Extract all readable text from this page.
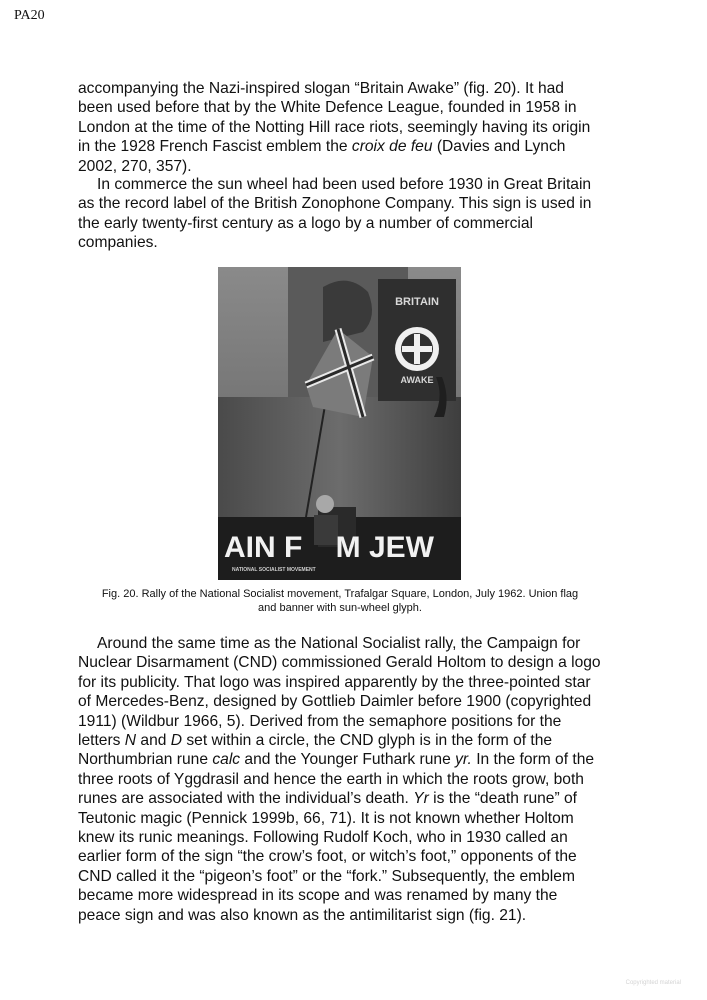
PA20

accompanying the Nazi-inspired slogan “Britain Awake” (fig. 20). It had
been used before that by the White Defence League, founded in 1958 in
London at the time of the Notting Hill race riots, seemingly having its origin
in the 1928 French Fascist emblem the croix de feu (Davies and Lynch
2002, 270, 357).

In commerce the sun wheel had been used before 1930 in Great Britain
as the record label of the British Zonophone Company. This sign is used in
the early twenty-first century as a logo by a number of commercial
companies.

BRITAIN
AWAKE
AIN F    M JEW
NATIONAL SOCIALIST MOVEMENT
Fig. 20. Rally of the National Socialist movement, Trafalgar Square, London, July 1962. Union flag
and banner with sun-wheel glyph.

Around the same time as the National Socialist rally, the Campaign for
Nuclear Disarmament (CND) commissioned Gerald Holtom to design a logo
for its publicity. That logo was inspired apparently by the three-pointed star
of Mercedes-Benz, designed by Gottlieb Daimler before 1900 (copyrighted
1911) (Wildbur 1966, 5). Derived from the semaphore positions for the
letters N and D set within a circle, the CND glyph is in the form of the
Northumbrian rune calc and the Younger Futhark rune yr. In the form of the
three roots of Yggdrasil and hence the earth in which the roots grow, both
runes are associated with the individual’s death. Yr is the “death rune” of
Teutonic magic (Pennick 1999b, 66, 71). It is not known whether Holtom
knew its runic meanings. Following Rudolf Koch, who in 1930 called an
earlier form of the sign “the crow’s foot, or witch’s foot,” opponents of the
CND called it the “pigeon’s foot” or the “fork.” Subsequently, the emblem
became more widespread in its scope and was renamed by many the
peace sign and was also known as the antimilitarist sign (fig. 21).

Copyrighted material
